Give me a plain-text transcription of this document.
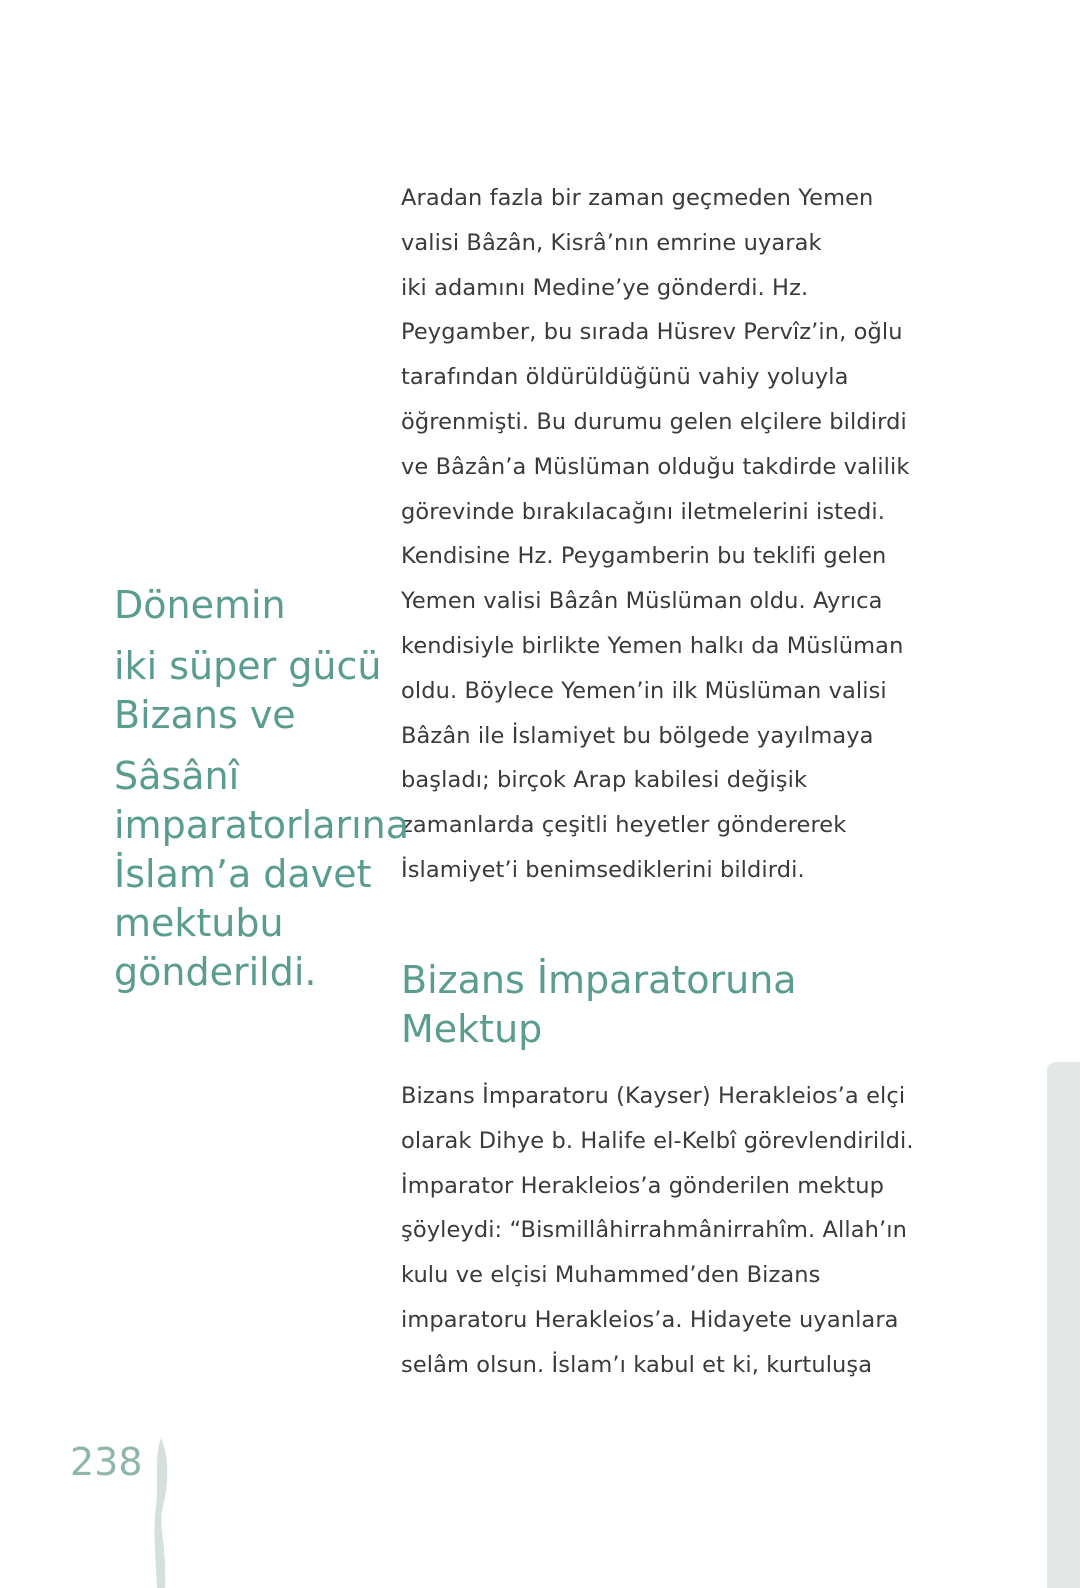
Aradan fazla bir zaman geçmeden Yemen
valisi Bâzân, Kisrâ’nın emrine uyarak
iki adamını Medine’ye gönderdi. Hz.
Peygamber, bu sırada Hüsrev Pervîz’in, oğlu
tarafından öldürüldüğünü vahiy yoluyla
öğrenmişti. Bu durumu gelen elçilere bildirdi
ve Bâzân’a Müslüman olduğu takdirde valilik
görevinde bırakılacağını iletmelerini istedi.
Kendisine Hz. Peygamberin bu teklifi gelen
Yemen valisi Bâzân Müslüman oldu. Ayrıca
kendisiyle birlikte Yemen halkı da Müslüman
oldu. Böylece Yemen’in ilk Müslüman valisi
Bâzân ile İslamiyet bu bölgede yayılmaya
başladı; birçok Arap kabilesi değişik
zamanlarda çeşitli heyetler göndererek
İslamiyet’i benimsediklerini bildirdi.
Dönemin
iki süper gücü
Bizans ve
Sâsânî
imparatorlarına
İslam’a davet
mektubu
gönderildi.	Bizans İmparatoruna
Mektup
Bizans İmparatoru (Kayser) Herakleios’a elçi
olarak Dihye b. Halife el-Kelbî görevlendirildi.
İmparator Herakleios’a gönderilen mektup
şöyleydi: “Bismillâhirrahmânirrahîm. Allah’ın
kulu ve elçisi Muhammed’den Bizans
imparatoru Herakleios’a. Hidayete uyanlara
selâm olsun. İslam’ı kabul et ki, kurtuluşa
238
